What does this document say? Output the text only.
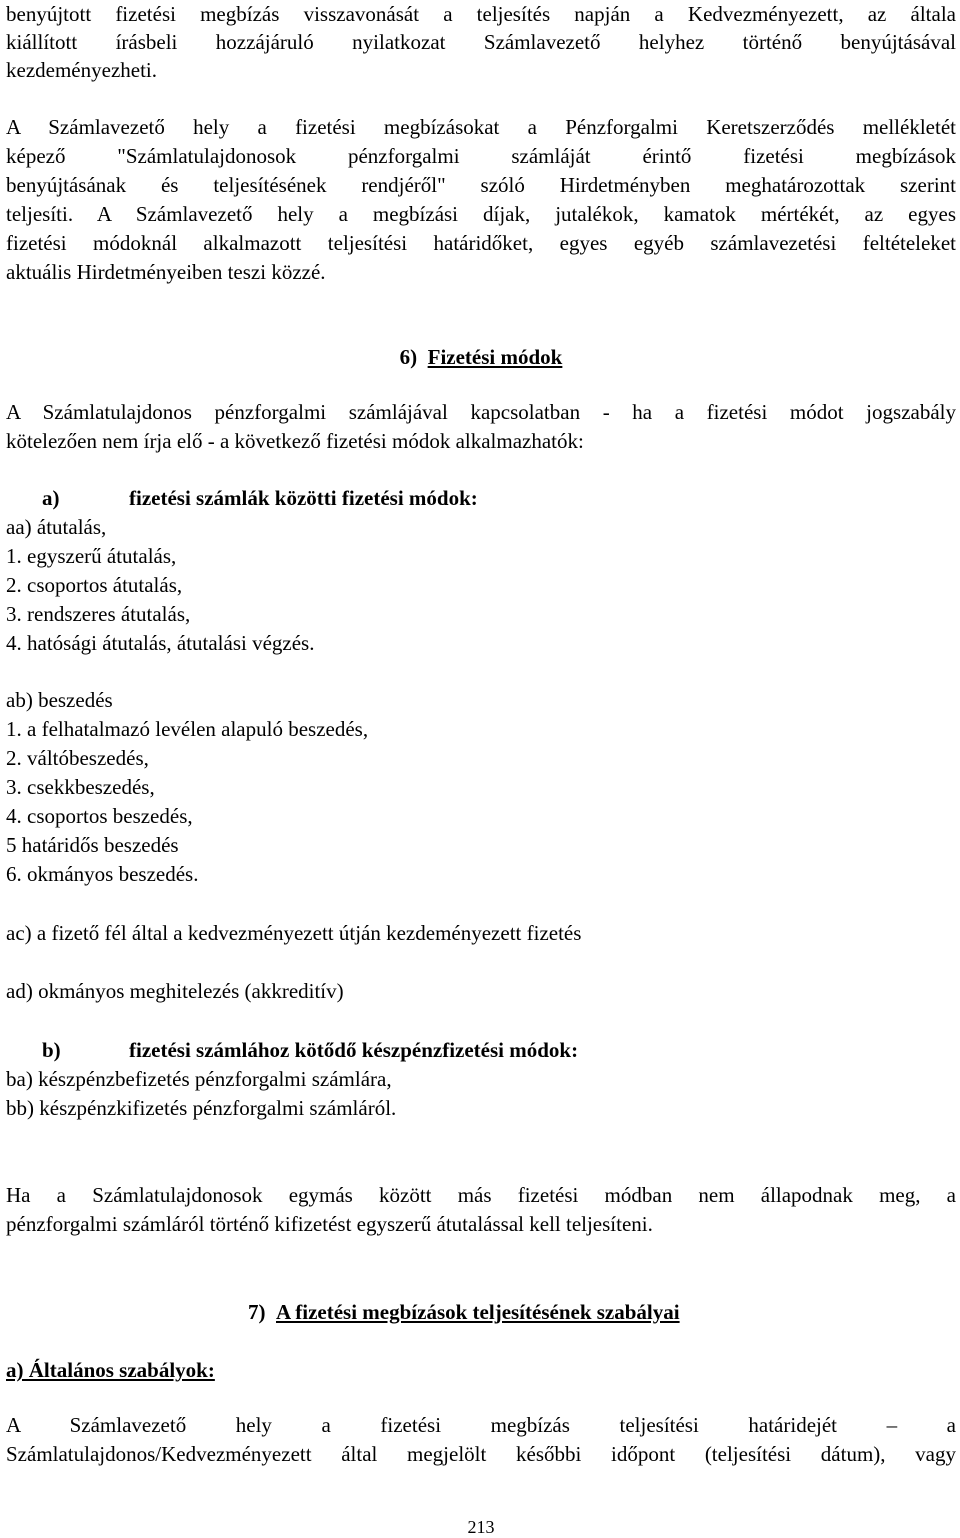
benyújtott fizetési megbízás visszavonását a teljesítés napján a Kedvezményezett, az általa
kiállított írásbeli hozzájáruló nyilatkozat Számlavezető helyhez történő benyújtásával
kezdeményezheti.
A Számlavezető hely a fizetési megbízásokat a Pénzforgalmi Keretszerződés mellékletét
képező "Számlatulajdonosok pénzforgalmi számláját érintő fizetési megbízások
benyújtásának és teljesítésének rendjéről" szóló Hirdetményben meghatározottak szerint
teljesíti. A Számlavezető hely a megbízási díjak, jutalékok, kamatok mértékét, az egyes
fizetési módoknál alkalmazott teljesítési határidőket, egyes egyéb számlavezetési feltételeket
aktuális Hirdetményeiben teszi közzé.
6) Fizetési módok
A Számlatulajdonos pénzforgalmi számlájával kapcsolatban - ha a fizetési módot jogszabály
kötelezően nem írja elő - a következő fizetési módok alkalmazhatók:
a)	fizetési számlák közötti fizetési módok:
aa) átutalás,
1. egyszerű átutalás,
2. csoportos átutalás,
3. rendszeres átutalás,
4. hatósági átutalás, átutalási végzés.
ab) beszedés
1. a felhatalmazó levélen alapuló beszedés,
2. váltóbeszedés,
3. csekkbeszedés,
4. csoportos beszedés,
5 határidős beszedés
6. okmányos beszedés.
ac) a fizető fél által a kedvezményezett útján kezdeményezett fizetés
ad) okmányos meghitelezés (akkreditív)
b)	fizetési számlához kötődő készpénzfizetési módok:
ba) készpénzbefizetés pénzforgalmi számlára,
bb) készpénzkifizetés pénzforgalmi számláról.
Ha a Számlatulajdonosok egymás között más fizetési módban nem állapodnak meg, a
pénzforgalmi számláról történő kifizetést egyszerű átutalással kell teljesíteni.
7) A fizetési megbízások teljesítésének szabályai
a) Általános szabályok:
A Számlavezető hely a fizetési megbízás teljesítési határidejét – a
Számlatulajdonos/Kedvezményezett által megjelölt későbbi időpont (teljesítési dátum), vagy
213
